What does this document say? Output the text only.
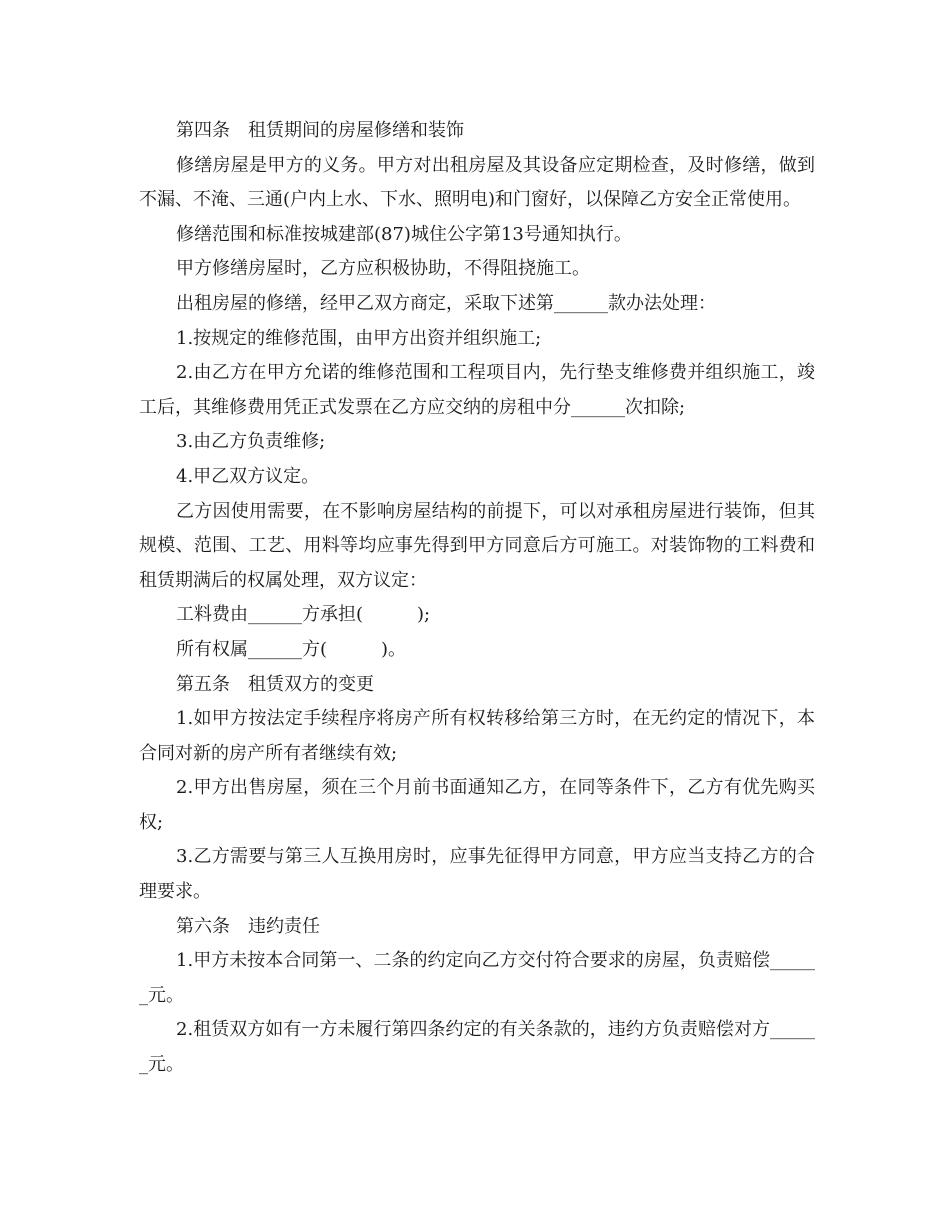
第四条　租赁期间的房屋修缮和装饰

修缮房屋是甲方的义务。甲方对出租房屋及其设备应定期检查，及时修缮，做到不漏、不淹、三通(户内上水、下水、照明电)和门窗好，以保障乙方安全正常使用。

修缮范围和标准按城建部(87)城住公字第13号通知执行。

甲方修缮房屋时，乙方应积极协助，不得阻挠施工。

出租房屋的修缮，经甲乙双方商定，采取下述第______款办法处理：

1.按规定的维修范围，由甲方出资并组织施工;

2.由乙方在甲方允诺的维修范围和工程项目内，先行垫支维修费并组织施工，竣工后，其维修费用凭正式发票在乙方应交纳的房租中分______次扣除;

3.由乙方负责维修;

4.甲乙双方议定。

乙方因使用需要，在不影响房屋结构的前提下，可以对承租房屋进行装饰，但其规模、范围、工艺、用料等均应事先得到甲方同意后方可施工。对装饰物的工料费和租赁期满后的权属处理，双方议定：

工料费由______方承担(　　　);

所有权属______方(　　　)。

第五条　租赁双方的变更

1.如甲方按法定手续程序将房产所有权转移给第三方时，在无约定的情况下，本合同对新的房产所有者继续有效;

2.甲方出售房屋，须在三个月前书面通知乙方，在同等条件下，乙方有优先购买权;

3.乙方需要与第三人互换用房时，应事先征得甲方同意，甲方应当支持乙方的合理要求。

第六条　违约责任

1.甲方未按本合同第一、二条的约定向乙方交付符合要求的房屋，负责赔偿______元。

2.租赁双方如有一方未履行第四条约定的有关条款的，违约方负责赔偿对方______元。
